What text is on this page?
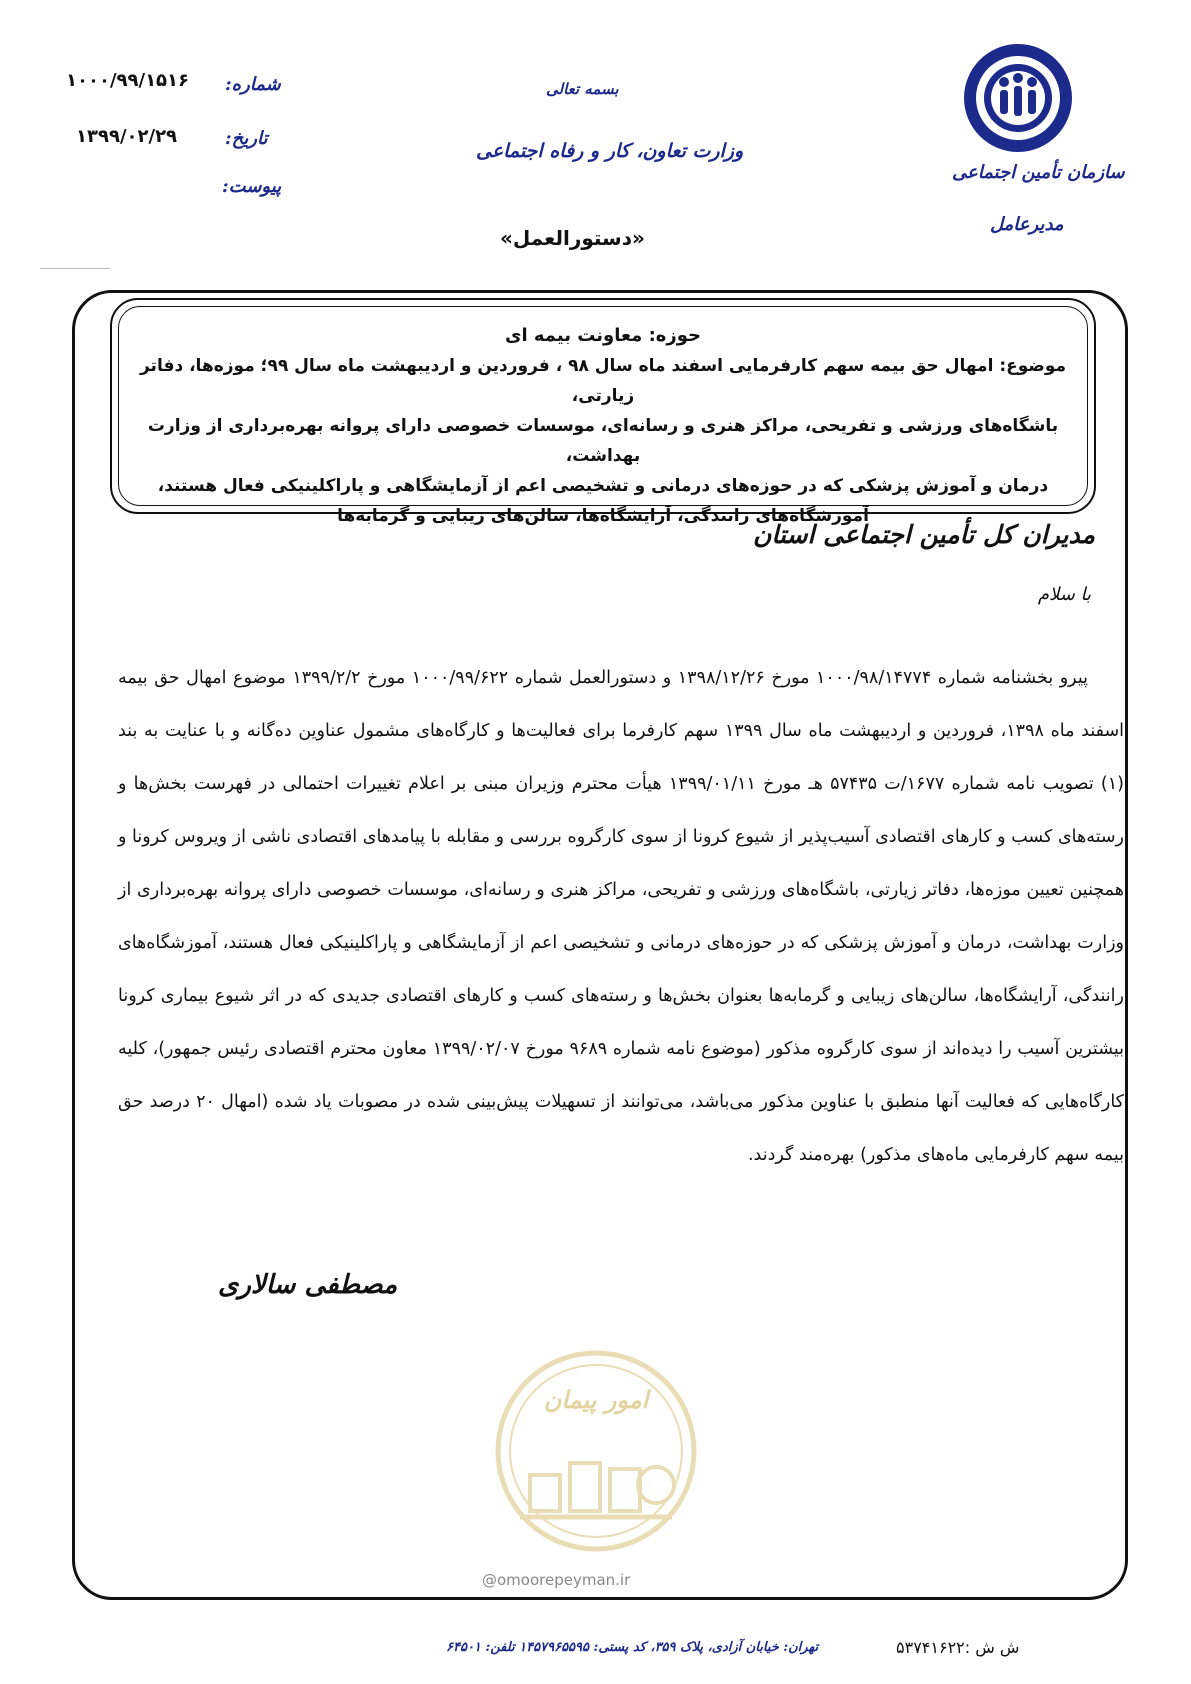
۱۰۰۰/۹۹/۱۵۱۶ شماره:
۱۳۹۹/۰۲/۲۹	تاریخ:
پیوست:
بسمه تعالی
وزارت تعاون، کار و رفاه اجتماعی
سازمان تأمین اجتماعی
مدیرعامل
«دستورالعمل»
حوزه: معاونت بیمه ای
موضوع: امهال حق بیمه سهم کارفرمایی اسفند ماه سال ۹۸ ، فروردین و اردیبهشت ماه سال ۹۹؛ موزه‌ها، دفاتر زیارتی،
باشگاه‌های ورزشی و تفریحی، مراکز هنری و رسانه‌ای، موسسات خصوصی دارای پروانه بهره‌برداری از وزارت بهداشت،
درمان و آموزش پزشکی که در حوزه‌های درمانی و تشخیصی اعم از آزمایشگاهی و پاراکلینیکی فعال هستند،
آموزشگاه‌های رانندگی، آرایشگاه‌ها، سالن‌های زیبایی و گرمابه‌ها
مدیران کل تأمین اجتماعی استان
با سلام

پیرو بخشنامه شماره ۱۰۰۰/۹۸/۱۴۷۷۴ مورخ ۱۳۹۸/۱۲/۲۶ و دستورالعمل شماره ۱۰۰۰/۹۹/۶۲۲ مورخ ۱۳۹۹/۲/۲ موضوع امهال حق بیمه اسفند ماه ۱۳۹۸، فروردین و اردیبهشت ماه سال ۱۳۹۹ سهم کارفرما برای فعالیت‌ها و کارگاه‌های مشمول عناوین ده‌گانه و با عنایت به بند (۱) تصویب نامه شماره ۱۶۷۷/ت ۵۷۴۳۵ هـ مورخ ۱۳۹۹/۰۱/۱۱ هیأت محترم وزیران مبنی بر اعلام تغییرات احتمالی در فهرست بخش‌ها و رسته‌های کسب و کارهای اقتصادی آسیب‌پذیر از شیوع کرونا از سوی کارگروه بررسی و مقابله با پیامدهای اقتصادی ناشی از ویروس کرونا و همچنین تعیین موزه‌ها، دفاتر زیارتی، باشگاه‌های ورزشی و تفریحی، مراکز هنری و رسانه‌ای، موسسات خصوصی دارای پروانه بهره‌برداری از وزارت بهداشت، درمان و آموزش پزشکی که در حوزه‌های درمانی و تشخیصی اعم از آزمایشگاهی و پاراکلینیکی فعال هستند، آموزشگاه‌های رانندگی، آرایشگاه‌ها، سالن‌های زیبایی و گرمابه‌ها بعنوان بخش‌ها و رسته‌های کسب و کارهای اقتصادی جدیدی که در اثر شیوع بیماری کرونا بیشترین آسیب را دیده‌اند از سوی کارگروه مذکور (موضوع نامه شماره ۹۶۸۹ مورخ ۱۳۹۹/۰۲/۰۷ معاون محترم اقتصادی رئیس جمهور)، کلیه کارگاه‌هایی که فعالیت آنها منطبق با عناوین مذکور می‌باشد، می‌توانند از تسهیلات پیش‌بینی شده در مصوبات یاد شده (امهال ۲۰ درصد حق بیمه سهم کارفرمایی ماه‌های مذکور) بهره‌مند گردند.

مصطفی سالاری
امور پیمان
@omoorepeyman.ir
تهران: خیابان آزادی، پلاک ۳۵۹، کد پستی: ۱۴۵۷۹۶۵۵۹۵ تلفن: ۶۴۵۰۱	ش ش :۵۳۷۴۱۶۲۲
